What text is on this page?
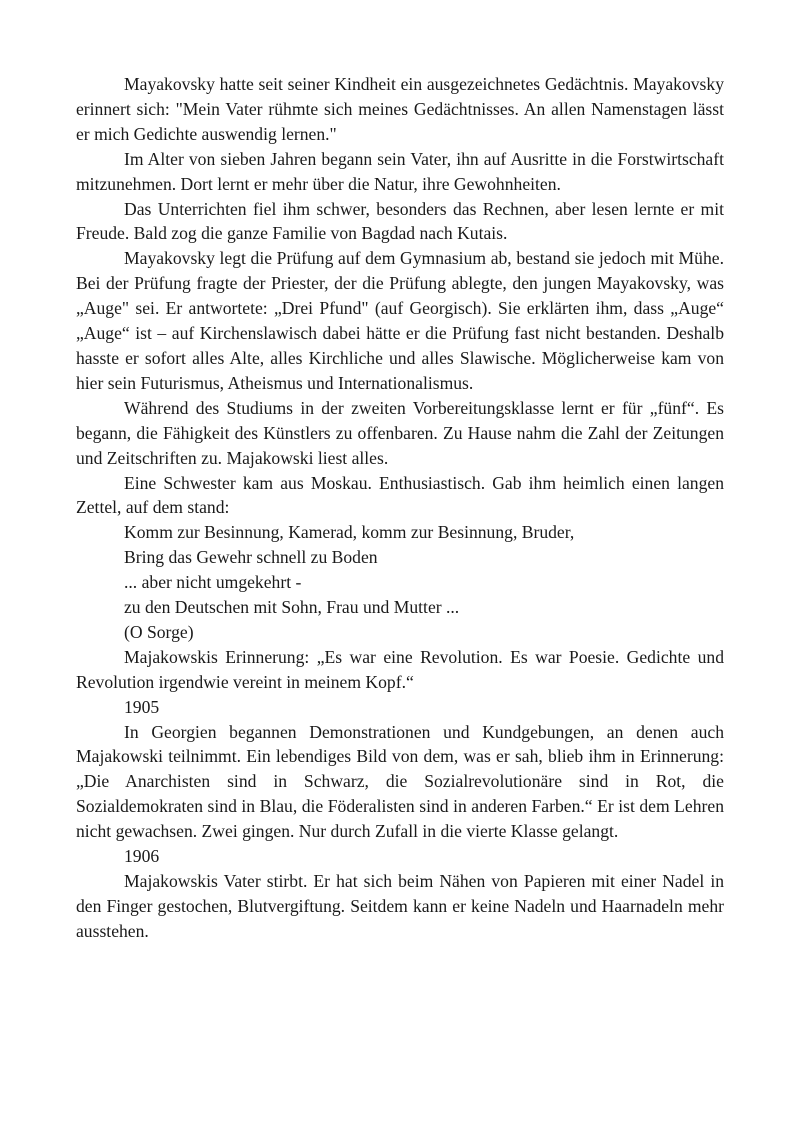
Mayakovsky hatte seit seiner Kindheit ein ausgezeichnetes Gedächtnis. Mayakovsky erinnert sich: "Mein Vater rühmte sich meines Gedächtnisses. An allen Namenstagen lässt er mich Gedichte auswendig lernen."

Im Alter von sieben Jahren begann sein Vater, ihn auf Ausritte in die Forstwirtschaft mitzunehmen. Dort lernt er mehr über die Natur, ihre Gewohnheiten.

Das Unterrichten fiel ihm schwer, besonders das Rechnen, aber lesen lernte er mit Freude. Bald zog die ganze Familie von Bagdad nach Kutais.

Mayakovsky legt die Prüfung auf dem Gymnasium ab, bestand sie jedoch mit Mühe. Bei der Prüfung fragte der Priester, der die Prüfung ablegte, den jungen Mayakovsky, was „Auge" sei. Er antwortete: „Drei Pfund" (auf Georgisch). Sie erklärten ihm, dass „Auge“ „Auge“ ist – auf Kirchenslawisch dabei hätte er die Prüfung fast nicht bestanden. Deshalb hasste er sofort alles Alte, alles Kirchliche und alles Slawische. Möglicherweise kam von hier sein Futurismus, Atheismus und Internationalismus.

Während des Studiums in der zweiten Vorbereitungsklasse lernt er für „fünf“. Es begann, die Fähigkeit des Künstlers zu offenbaren. Zu Hause nahm die Zahl der Zeitungen und Zeitschriften zu. Majakowski liest alles.

Eine Schwester kam aus Moskau. Enthusiastisch. Gab ihm heimlich einen langen Zettel, auf dem stand:

Komm zur Besinnung, Kamerad, komm zur Besinnung, Bruder,

Bring das Gewehr schnell zu Boden

... aber nicht umgekehrt -

zu den Deutschen mit Sohn, Frau und Mutter ...

(O Sorge)

Majakowskis Erinnerung: „Es war eine Revolution. Es war Poesie. Gedichte und Revolution irgendwie vereint in meinem Kopf.“

1905

In Georgien begannen Demonstrationen und Kundgebungen, an denen auch Majakowski teilnimmt. Ein lebendiges Bild von dem, was er sah, blieb ihm in Erinnerung: „Die Anarchisten sind in Schwarz, die Sozialrevolutionäre sind in Rot, die Sozialdemokraten sind in Blau, die Föderalisten sind in anderen Farben.“ Er ist dem Lehren nicht gewachsen. Zwei gingen. Nur durch Zufall in die vierte Klasse gelangt.

1906

Majakowskis Vater stirbt. Er hat sich beim Nähen von Papieren mit einer Nadel in den Finger gestochen, Blutvergiftung. Seitdem kann er keine Nadeln und Haarnadeln mehr ausstehen.
